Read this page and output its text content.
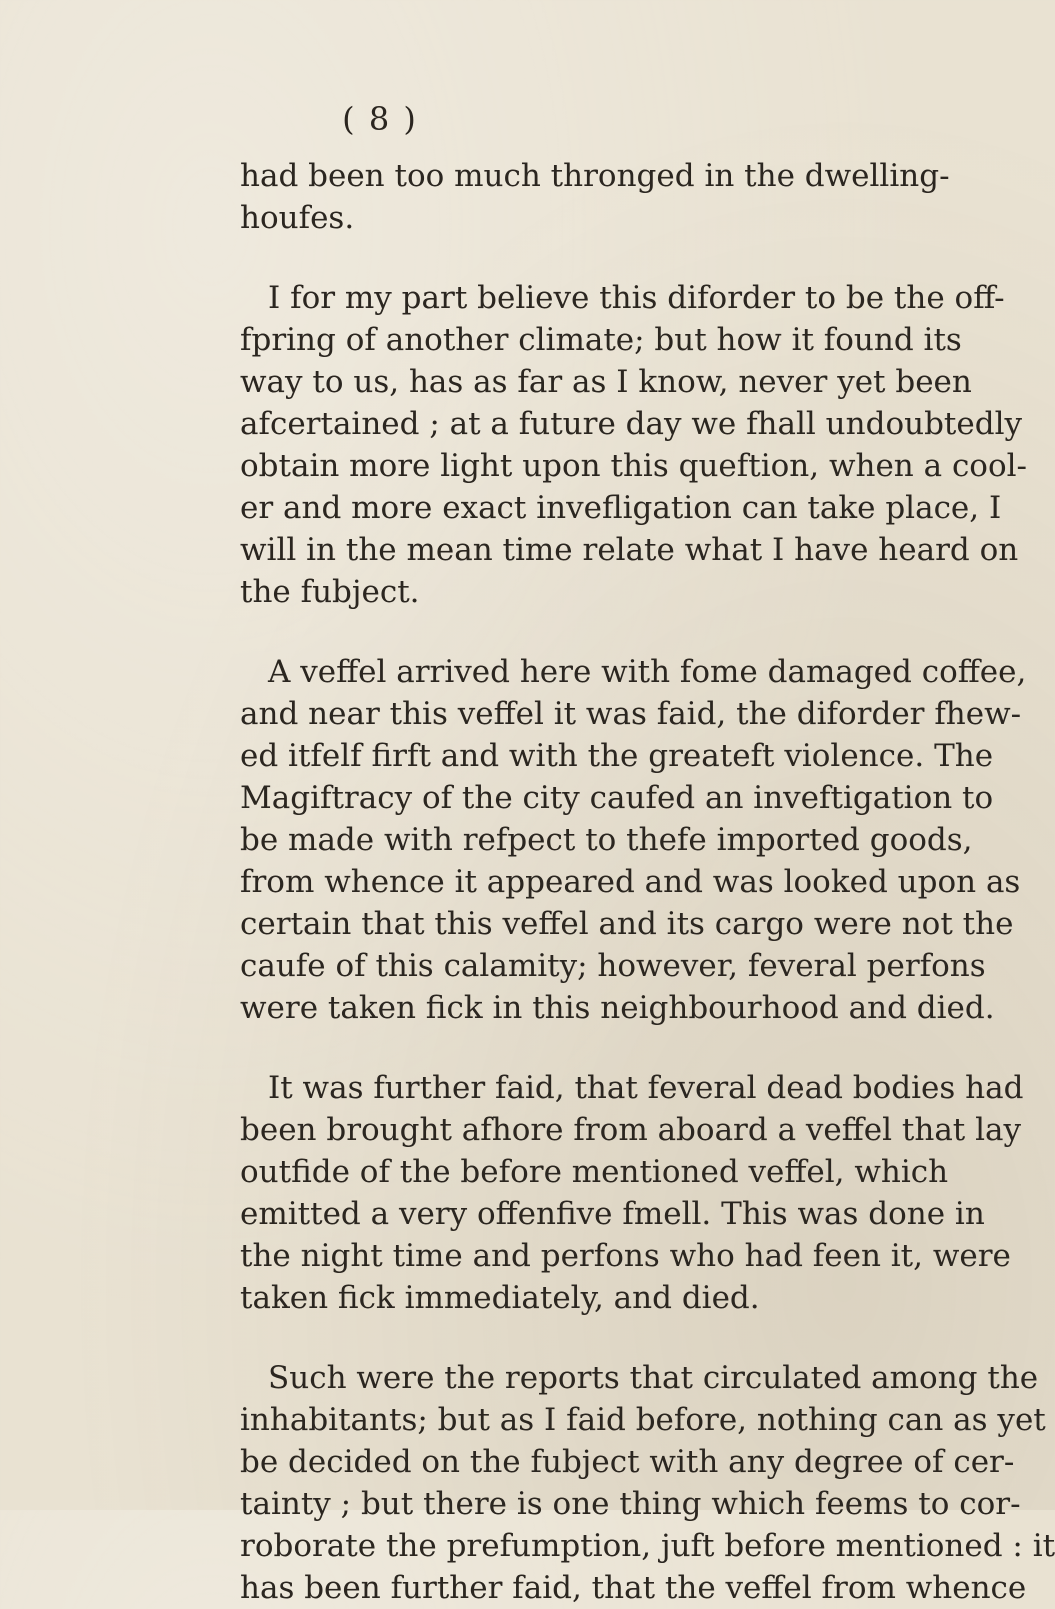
( 8 )
had been too much thronged in the dwelling-
houfes.
I for my part believe this diforder to be the off-
fpring of another climate; but how it found its
way to us, has as far as I know, never yet been
afcertained ; at a future day we fhall undoubtedly
obtain more light upon this queftion, when a cool-
er and more exact invefligation can take place, I
will in the mean time relate what I have heard on
the fubject.
A veffel arrived here with fome damaged coffee,
and near this veffel it was faid, the diforder fhew-
ed itfelf firft and with the greateft violence. The
Magiftracy of the city caufed an inveftigation to
be made with refpect to thefe imported goods,
from whence it appeared and was looked upon as
certain that this veffel and its cargo were not the
caufe of this calamity; however, feveral perfons
were taken fick in this neighbourhood and died.
It was further faid, that feveral dead bodies had
been brought afhore from aboard a veffel that lay
outfide of the before mentioned veffel, which
emitted a very offenfive fmell. This was done in
the night time and perfons who had feen it, were
taken fick immediately, and died.
Such were the reports that circulated among the
inhabitants; but as I faid before, nothing can as yet
be decided on the fubject with any degree of cer-
tainty ; but there is one thing which feems to cor-
roborate the prefumption, juft before mentioned : it
has been further faid, that the veffel from whence
